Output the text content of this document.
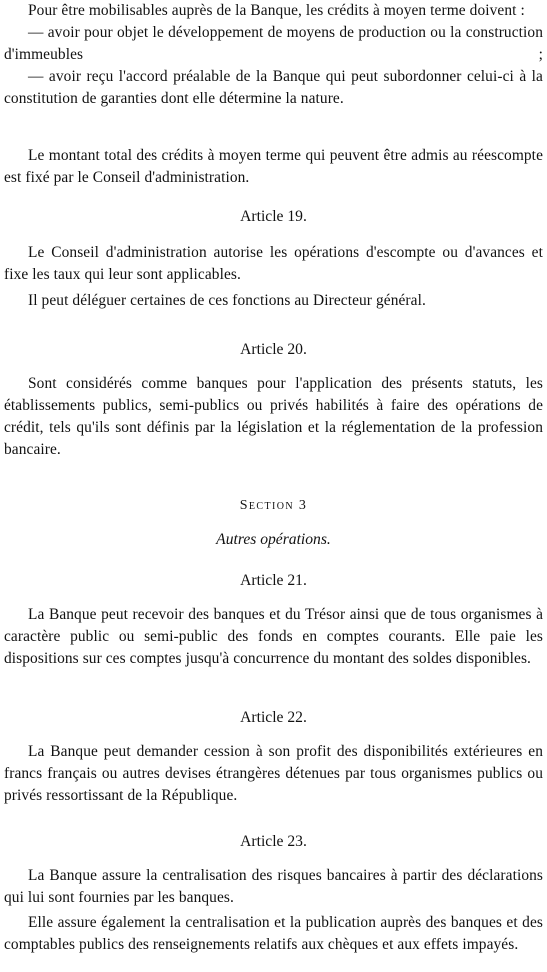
Pour être mobilisables auprès de la Banque, les crédits à moyen terme doivent :

— avoir pour objet le développement de moyens de production ou la construction d'immeubles ;

— avoir reçu l'accord préalable de la Banque qui peut subordonner celui-ci à la constitution de garanties dont elle détermine la nature.

Le montant total des crédits à moyen terme qui peuvent être admis au réescompte est fixé par le Conseil d'administration.

Article 19.

Le Conseil d'administration autorise les opérations d'escompte ou d'avances et fixe les taux qui leur sont applicables.

Il peut déléguer certaines de ces fonctions au Directeur général.

Article 20.

Sont considérés comme banques pour l'application des présents statuts, les établissements publics, semi-publics ou privés habilités à faire des opérations de crédit, tels qu'ils sont définis par la législation et la réglementation de la profession bancaire.

Section 3
Autres opérations.
Article 21.

La Banque peut recevoir des banques et du Trésor ainsi que de tous organismes à caractère public ou semi-public des fonds en comptes courants. Elle paie les dispositions sur ces comptes jusqu'à concurrence du montant des soldes disponibles.

Article 22.

La Banque peut demander cession à son profit des disponibilités extérieures en francs français ou autres devises étrangères détenues par tous organismes publics ou privés ressortissant de la République.

Article 23.

La Banque assure la centralisation des risques bancaires à partir des déclarations qui lui sont fournies par les banques.

Elle assure également la centralisation et la publication auprès des banques et des comptables publics des renseignements relatifs aux chèques et aux effets impayés.
